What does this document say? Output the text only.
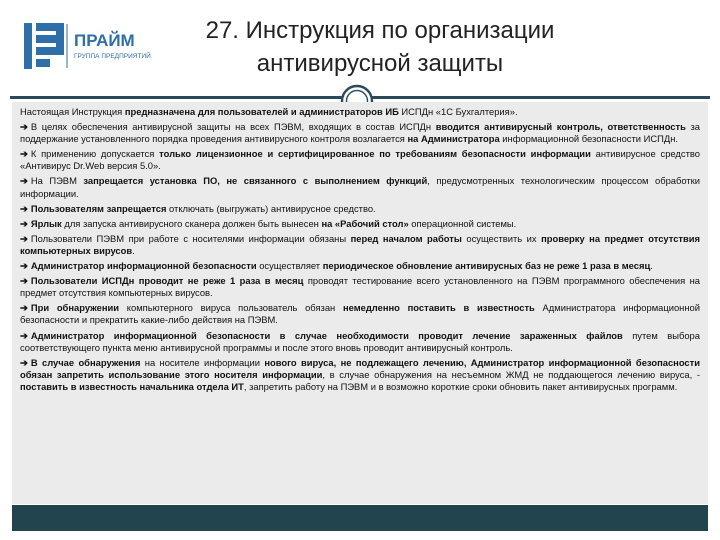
ПРАЙМ
ГРУППА ПРЕДПРИЯТИЙ
27. Инструкция по организации
антивирусной защиты
Настоящая Инструкция предназначена для пользователей и администраторов ИБ ИСПДн «1С Бухгалтерия».
➔ В целях обеспечения антивирусной защиты на всех ПЭВМ, входящих в состав ИСПДн вводится антивирусный контроль, ответственность за поддержание установленного порядка проведения антивирусного контроля возлагается на Администратора информационной безопасности ИСПДн.
➔ К применению допускается только лицензионное и сертифицированное по требованиям безопасности информации антивирусное средство «Антивирус Dr.Web версия 5.0».
➔ На ПЭВМ запрещается установка ПО, не связанного с выполнением функций, предусмотренных технологическим процессом обработки информации.
➔ Пользователям запрещается отключать (выгружать) антивирусное средство.
➔ Ярлык для запуска антивирусного сканера должен быть вынесен на «Рабочий стол» операционной системы.
➔ Пользователи ПЭВМ при работе с носителями информации обязаны перед началом работы осуществить их проверку на предмет отсутствия компьютерных вирусов.
➔ Администратор информационной безопасности осуществляет периодическое обновление антивирусных баз не реже 1 раза в месяц.
➔ Пользователи ИСПДн проводит не реже 1 раза в месяц проводят тестирование всего установленного на ПЭВМ программного обеспечения на предмет отсутствия компьютерных вирусов.
➔ При обнаружении компьютерного вируса пользователь обязан немедленно поставить в известность Администратора информационной безопасности и прекратить какие-либо действия на ПЭВМ.
➔ Администратор информационной безопасности в случае необходимости проводит лечение зараженных файлов путем выбора соответствующего пункта меню антивирусной программы и после этого вновь проводит антивирусный контроль.
➔ В случае обнаружения на носителе информации нового вируса, не подлежащего лечению, Администратор информационной безопасности обязан запретить использование этого носителя информации, в случае обнаружения на несъемном ЖМД не поддающегося лечению вируса, - поставить в известность начальника отдела ИТ, запретить работу на ПЭВМ и в возможно короткие сроки обновить пакет антивирусных программ.
